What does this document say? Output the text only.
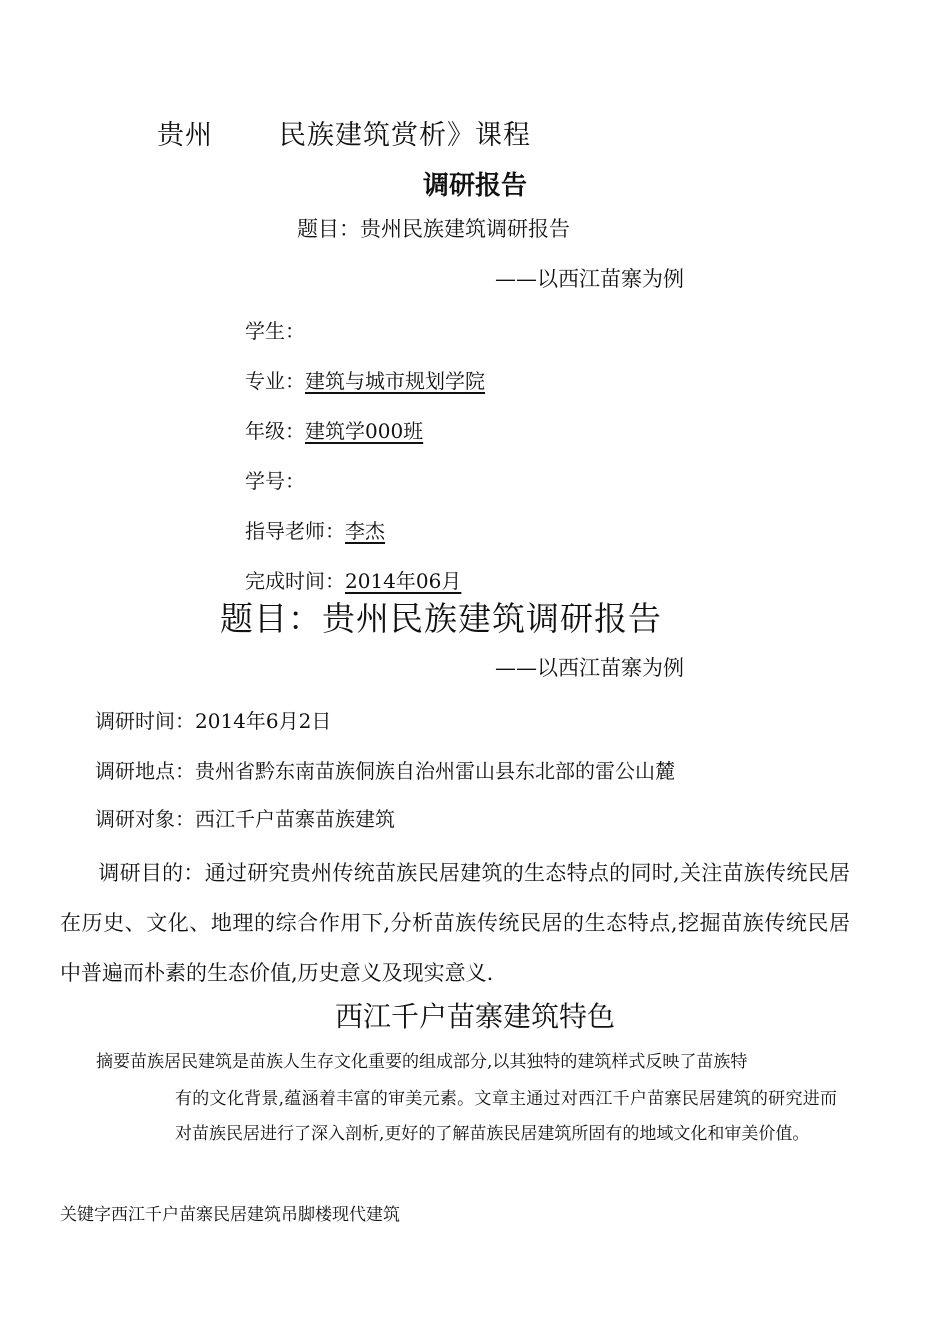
贵州 民族建筑赏析》课程
调研报告
题目：贵州民族建筑调研报告
——以西江苗寨为例
学生：
专业：建筑与城市规划学院
年级：建筑学000班
学号：
指导老师：李杰
完成时间：2014年06月
题目：贵州民族建筑调研报告
——以西江苗寨为例
调研时间：2014年6月2日
调研地点：贵州省黔东南苗族侗族自治州雷山县东北部的雷公山麓
调研对象：西江千户苗寨苗族建筑
调研目的：通过研究贵州传统苗族民居建筑的生态特点的同时,关注苗族传统民居在历史、文化、地理的综合作用下,分析苗族传统民居的生态特点,挖掘苗族传统民居中普遍而朴素的生态价值,历史意义及现实意义.
西江千户苗寨建筑特色
摘要苗族居民建筑是苗族人生存文化重要的组成部分,以其独特的建筑样式反映了苗族特
有的文化背景,蕴涵着丰富的审美元素。文章主通过对西江千户苗寨民居建筑的研究进而对苗族民居进行了深入剖析,更好的了解苗族民居建筑所固有的地域文化和审美价值。
关键字西江千户苗寨民居建筑吊脚楼现代建筑
